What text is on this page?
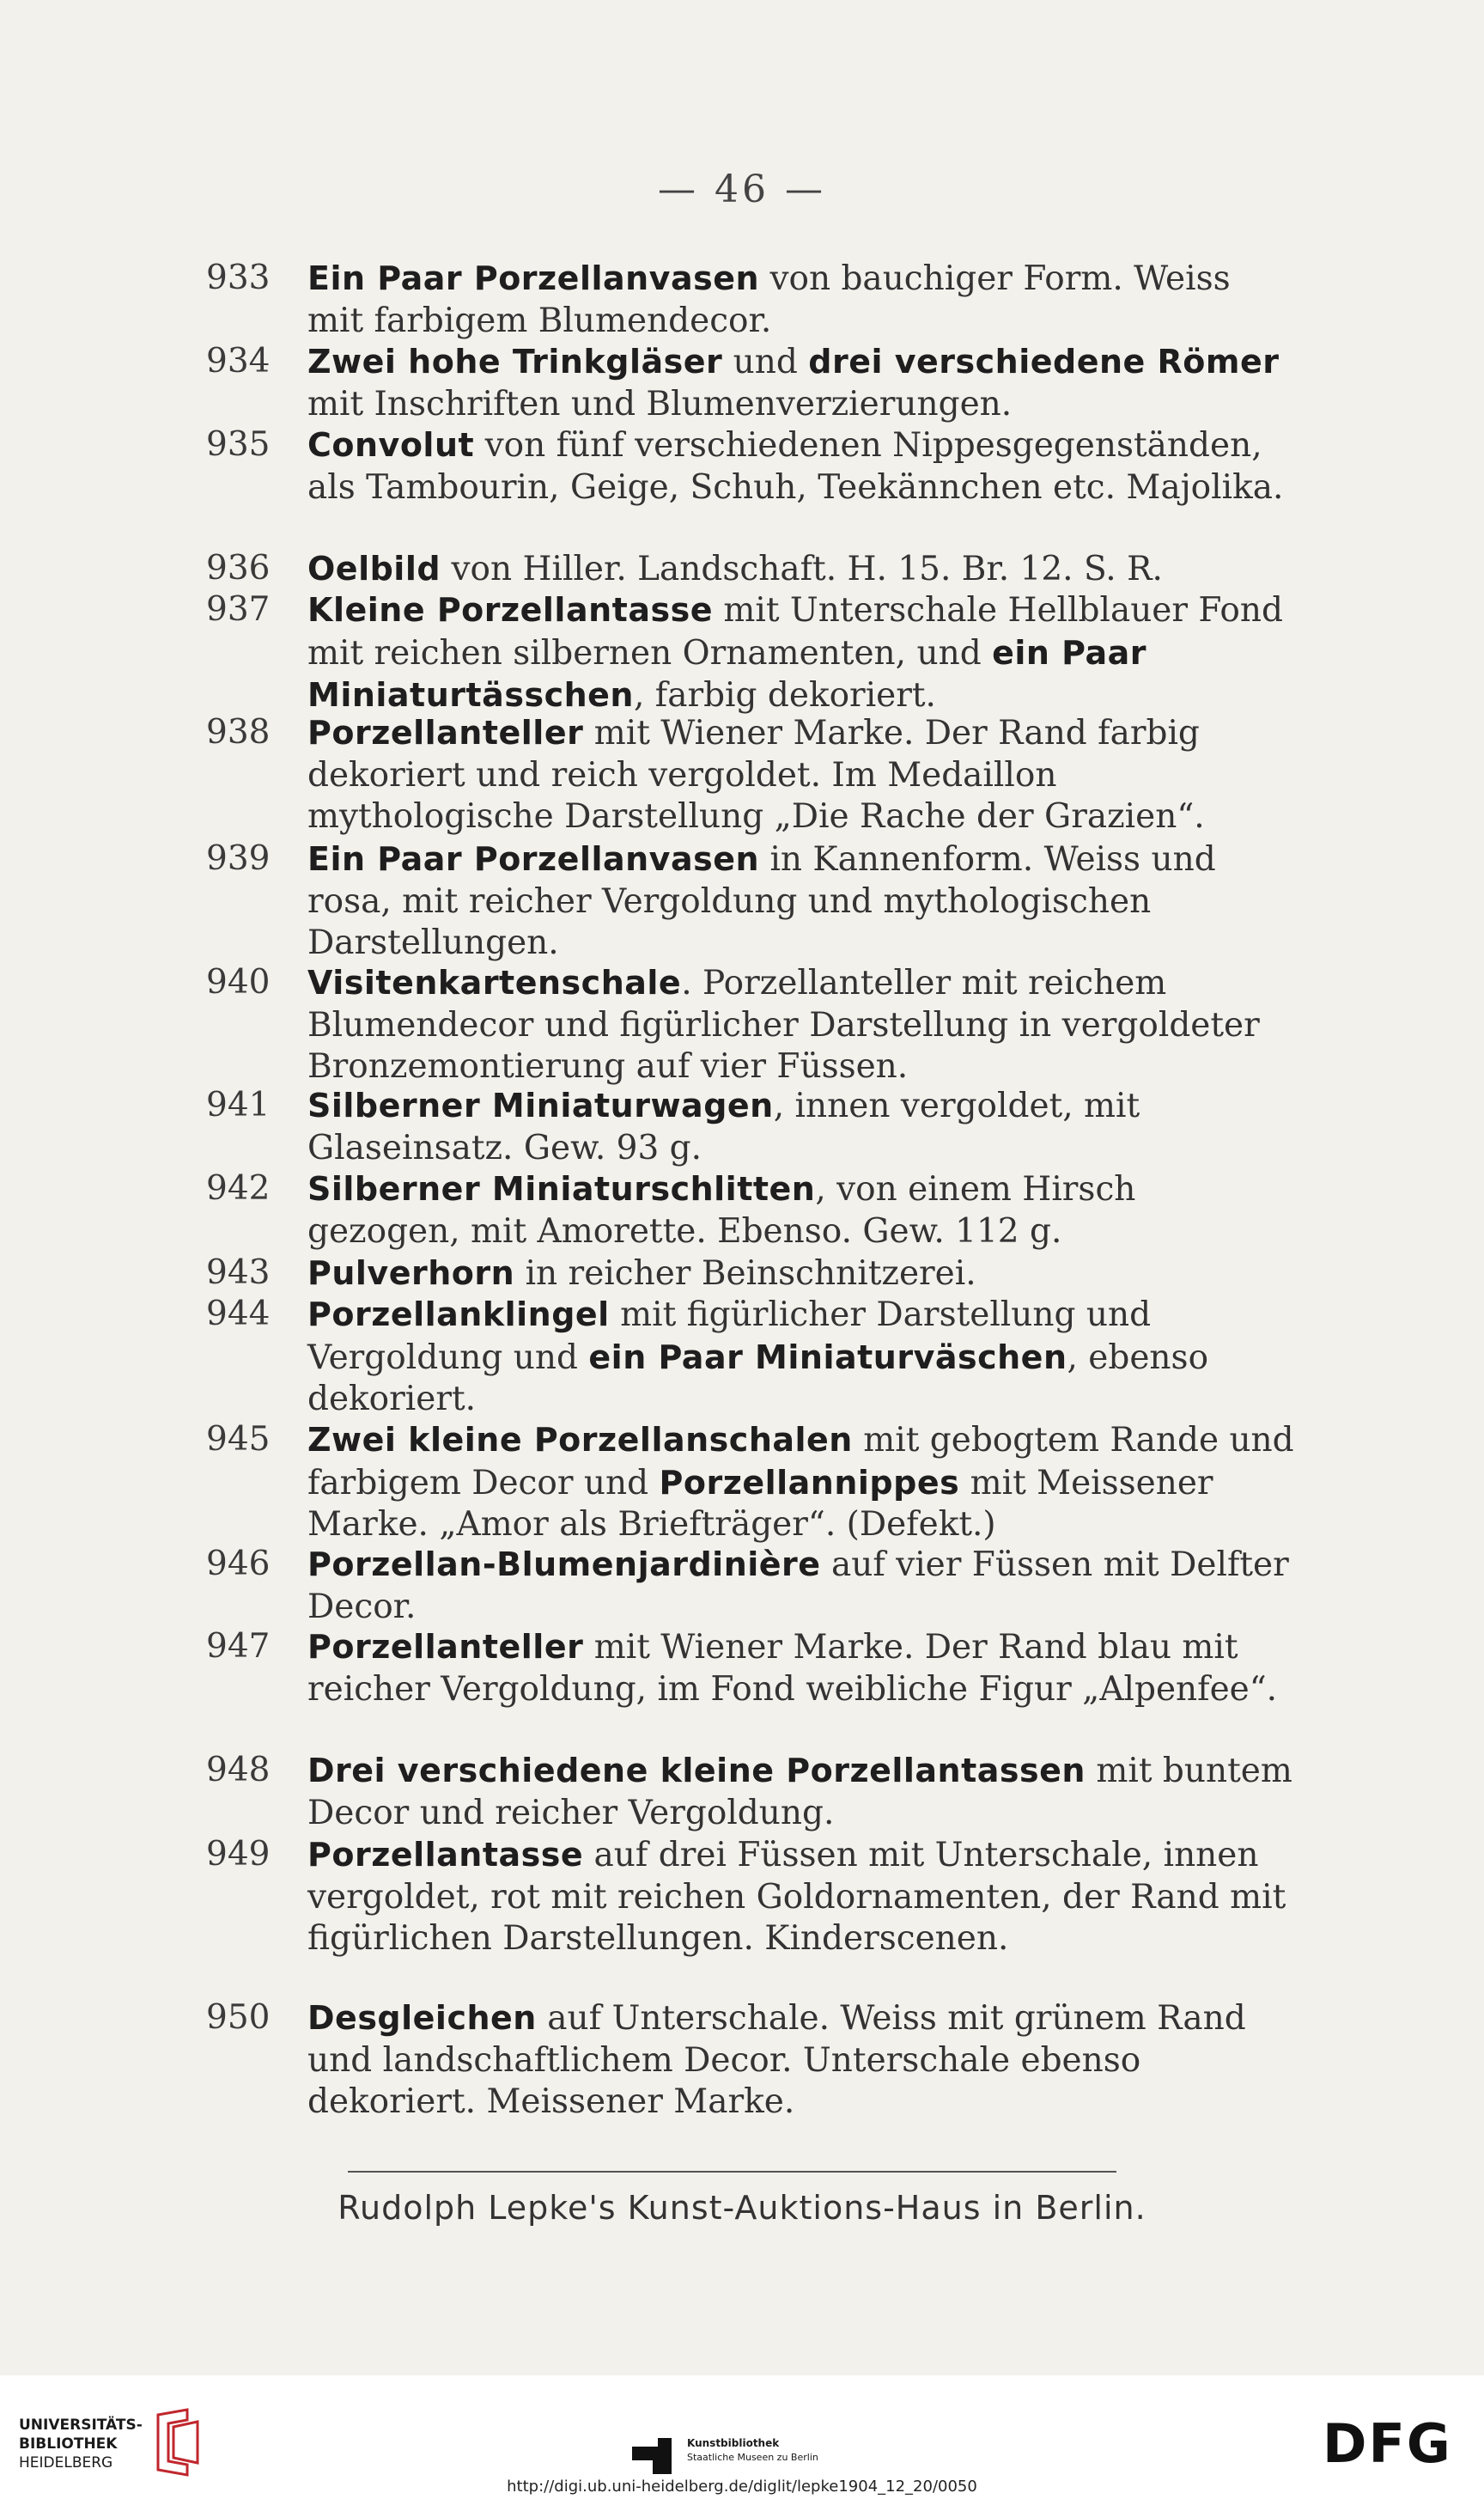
— 46 —
933	Ein Paar Porzellanvasen von bauchiger Form. Weiss mit farbigem Blumendecor.
934	Zwei hohe Trinkgläser und drei verschiedene Römer mit Inschriften und Blumenverzierungen.
935	Convolut von fünf verschiedenen Nippesgegenständen, als Tambourin, Geige, Schuh, Teekännchen etc. Majolika.
936	Oelbild von Hiller. Landschaft. H. 15. Br. 12. S. R.
937	Kleine Porzellantasse mit Unterschale Hellblauer Fond mit reichen silbernen Ornamenten, und ein Paar Miniaturtässchen, farbig dekoriert.
938	Porzellanteller mit Wiener Marke. Der Rand farbig dekoriert und reich vergoldet. Im Medaillon mythologische Darstellung „Die Rache der Grazien“.
939	Ein Paar Porzellanvasen in Kannenform. Weiss und rosa, mit reicher Vergoldung und mythologischen Darstellungen.
940	Visitenkartenschale. Porzellanteller mit reichem Blumendecor und figürlicher Darstellung in vergoldeter Bronzemontierung auf vier Füssen.
941	Silberner Miniaturwagen, innen vergoldet, mit Glaseinsatz. Gew. 93 g.
942	Silberner Miniaturschlitten, von einem Hirsch gezogen, mit Amorette. Ebenso. Gew. 112 g.
943	Pulverhorn in reicher Beinschnitzerei.
944	Porzellanklingel mit figürlicher Darstellung und Vergoldung und ein Paar Miniaturväschen, ebenso dekoriert.
945	Zwei kleine Porzellanschalen mit gebogtem Rande und farbigem Decor und Porzellannippes mit Meissener Marke. „Amor als Briefträger“. (Defekt.)
946	Porzellan-Blumenjardinière auf vier Füssen mit Delfter Decor.
947	Porzellanteller mit Wiener Marke. Der Rand blau mit reicher Vergoldung, im Fond weibliche Figur „Alpenfee“.
948	Drei verschiedene kleine Porzellantassen mit buntem Decor und reicher Vergoldung.
949	Porzellantasse auf drei Füssen mit Unterschale, innen vergoldet, rot mit reichen Goldornamenten, der Rand mit figürlichen Darstellungen. Kinderscenen.
950	Desgleichen auf Unterschale. Weiss mit grünem Rand und landschaftlichem Decor. Unterschale ebenso dekoriert. Meissener Marke.
Rudolph Lepke's Kunst-Auktions-Haus in Berlin.
UNIVERSITÄTS-
BIBLIOTHEK
HEIDELBERG
Kunstbibliothek
Staatliche Museen zu Berlin	DFG
http://digi.ub.uni-heidelberg.de/diglit/lepke1904_12_20/0050
